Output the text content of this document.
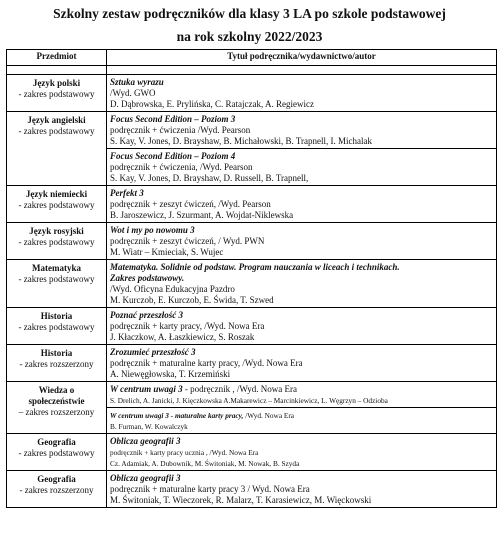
Szkolny zestaw podręczników dla klasy 3 LA po szkole podstawowej
na rok szkolny 2022/2023
Przedmiot	Tytuł podręcznika/wydawnictwo/autor

Język polski
- zakres podstawowy	Sztuka wyrazu
/Wyd. GWO
D. Dąbrowska, E. Prylińska, C. Ratajczak, A. Regiewicz

Język angielski
- zakres podstawowy	Focus Second Edition – Poziom 3
podręcznik + ćwiczenia /Wyd. Pearson
S. Kay, V. Jones, D. Brayshaw, B. Michałowski, B. Trapnell, I. Michalak

	Focus Second Edition – Poziom 4
podręcznik + ćwiczenia, /Wyd. Pearson
S. Kay, V. Jones, D. Brayshaw, D. Russell, B. Trapnell,

Język niemiecki
- zakres podstawowy	Perfekt 3
podręcznik + zeszyt ćwiczeń, /Wyd. Pearson
B. Jaroszewicz, J. Szurmant, A. Wojdat-Niklewska

Język rosyjski
- zakres podstawowy	Wot i my po nowomu 3
podręcznik + zeszyt ćwiczeń, / Wyd. PWN
M. Wiatr – Kmieciak, S. Wujec

Matematyka
- zakres podstawowy	Matematyka. Solidnie od podstaw. Program nauczania w liceach i technikach.
Zakres podstawowy.
/Wyd. Oficyna Edukacyjna Pazdro
M. Kurczob, E. Kurczob, E. Świda, T. Szwed

Historia
- zakres podstawowy	Poznać przeszłość 3
podręcznik + karty pracy, /Wyd. Nowa Era
J. Kłaczkow, A. Łaszkiewicz, S. Roszak

Historia
- zakres rozszerzony	Zrozumieć przeszłość 3
podręcznik + maturalne karty pracy, /Wyd. Nowa Era
A. Niewęgłowska, T. Krzemiński

Wiedza o
społeczeństwie
– zakres rozszerzony	W centrum uwagi 3 - podręcznik , /Wyd. Nowa Era
S. Drelich, A. Janicki, J. Kięczkowska A.Makarewicz – Marcinkiewicz, L. Węgrzyn – Odzioba

	W centrum uwagi 3 - maturalne karty pracy, /Wyd. Nowa Era
B. Furman, W. Kowalczyk

Geografia
- zakres podstawowy	Oblicza geografii 3
podręcznik + karty pracy ucznia , /Wyd. Nowa Era
Cz. Adamiak, A. Dubownik, M. Świtoniak, M. Nowak, B. Szyda

Geografia
- zakres rozszerzony	Oblicza geografii 3
podręcznik + maturalne karty pracy 3 / Wyd. Nowa Era
M. Świtoniak, T. Wieczorek, R. Malarz, T. Karasiewicz, M. Więckowski
